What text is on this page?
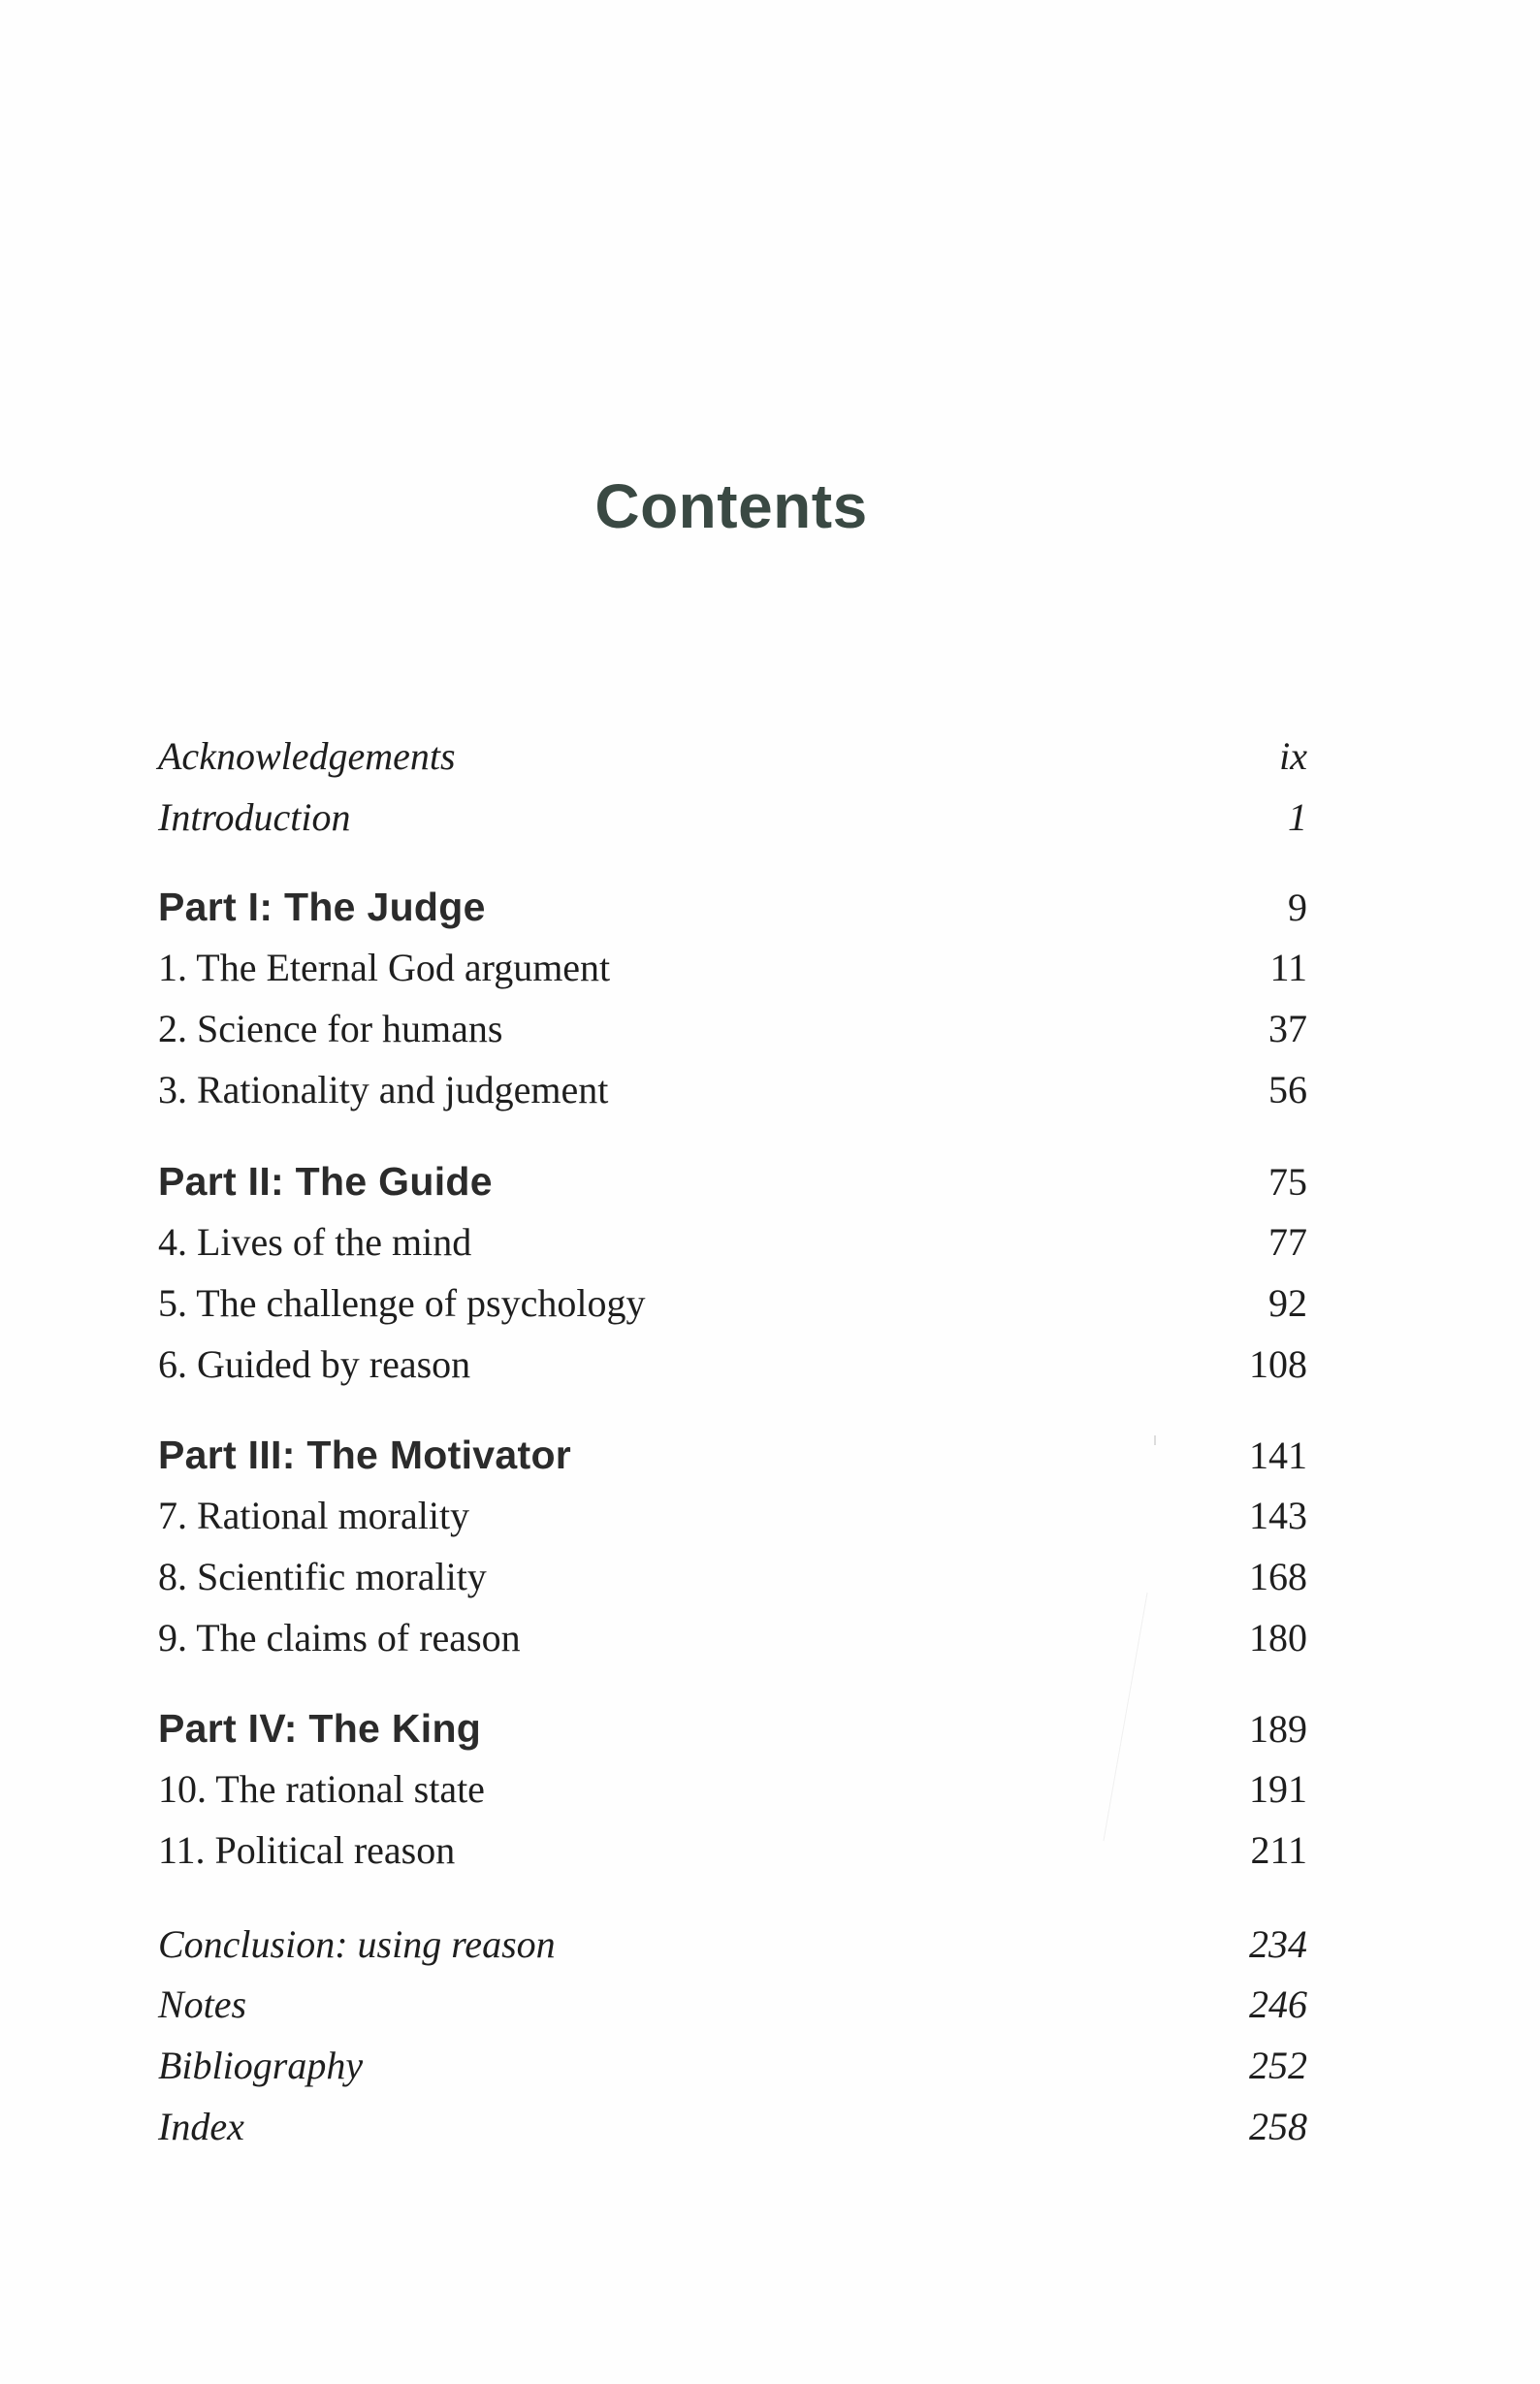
Contents
Acknowledgements	ix
Introduction	1
Part I: The Judge	9
1. The Eternal God argument	11
2. Science for humans	37
3. Rationality and judgement	56
Part II: The Guide	75
4. Lives of the mind	77
5. The challenge of psychology	92
6. Guided by reason	108
Part III: The Motivator	141
7. Rational morality	143
8. Scientific morality	168
9. The claims of reason	180
Part IV: The King	189
10. The rational state	191
11. Political reason	211
Conclusion: using reason	234
Notes	246
Bibliography	252
Index	258
